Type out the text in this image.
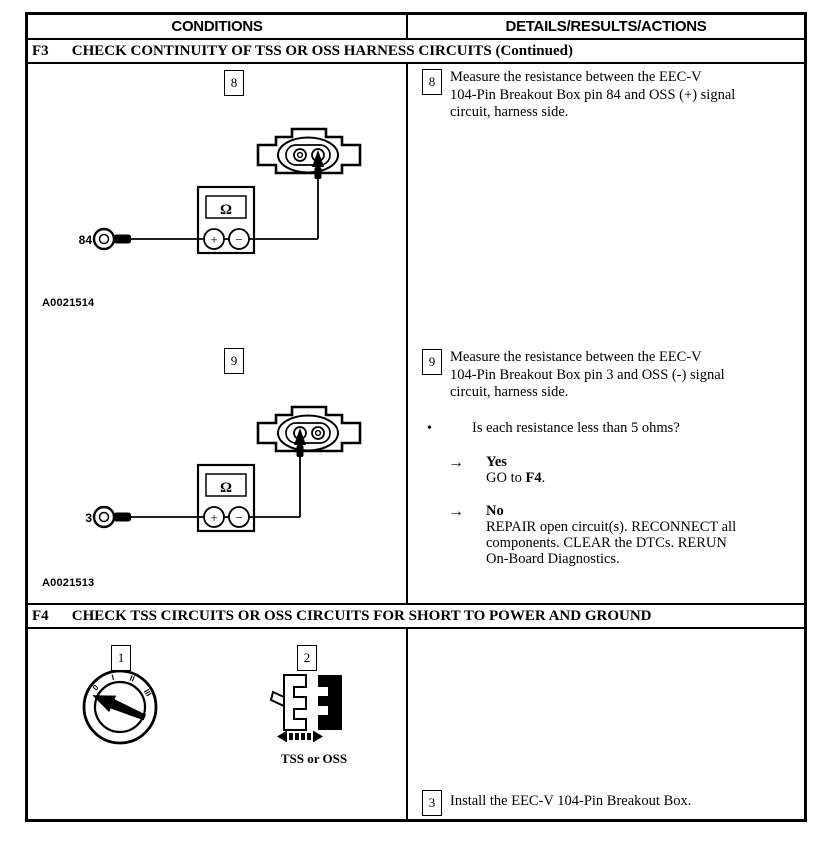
CONDITIONS	DETAILS/RESULTS/ACTIONS
F3 CHECK CONTINUITY OF TSS OR OSS HARNESS CIRCUITS (Continued)
Ω
+ −
84
Ω
+ −
3
8
9
A0021514
A0021513
8	Measure the resistance between the EEC-V
104-Pin Breakout Box pin 84 and OSS (+) signal
circuit, harness side.
9	Measure the resistance between the EEC-V
104-Pin Breakout Box pin 3 and OSS (-) signal
circuit, harness side.
•	Is each resistance less than 5 ohms?
→ Yes
GO to F4.
→ No
REPAIR open circuit(s). RECONNECT all
components. CLEAR the DTCs. RERUN
On-Board Diagnostics.
F4 CHECK TSS CIRCUITS OR OSS CIRCUITS FOR SHORT TO POWER AND GROUND
0
I II
III
1	2
TSS or OSS
3	Install the EEC-V 104-Pin Breakout Box.
